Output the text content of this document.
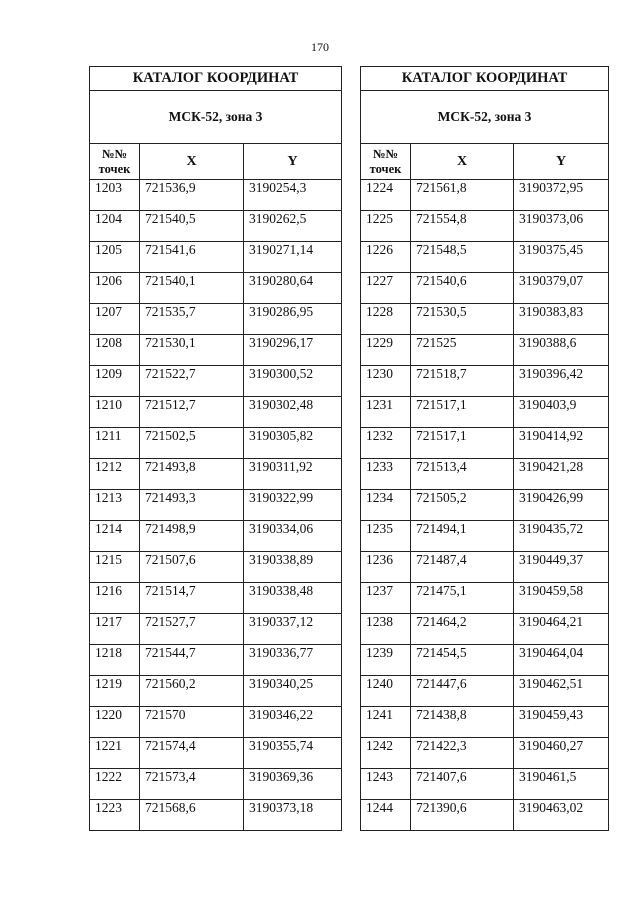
170
КАТАЛОГ КООРДИНАТ		
МСК-52, зона 3		
№№
точек	X	Y
1203	721536,9	3190254,3
1204	721540,5	3190262,5
1205	721541,6	3190271,14
1206	721540,1	3190280,64
1207	721535,7	3190286,95
1208	721530,1	3190296,17
1209	721522,7	3190300,52
1210	721512,7	3190302,48
1211	721502,5	3190305,82
1212	721493,8	3190311,92
1213	721493,3	3190322,99
1214	721498,9	3190334,06
1215	721507,6	3190338,89
1216	721514,7	3190338,48
1217	721527,7	3190337,12
1218	721544,7	3190336,77
1219	721560,2	3190340,25
1220	721570	3190346,22
1221	721574,4	3190355,74
1222	721573,4	3190369,36
1223	721568,6	3190373,18
КАТАЛОГ КООРДИНАТ		
МСК-52, зона 3		
№№
точек	X	Y
1224	721561,8	3190372,95
1225	721554,8	3190373,06
1226	721548,5	3190375,45
1227	721540,6	3190379,07
1228	721530,5	3190383,83
1229	721525	3190388,6
1230	721518,7	3190396,42
1231	721517,1	3190403,9
1232	721517,1	3190414,92
1233	721513,4	3190421,28
1234	721505,2	3190426,99
1235	721494,1	3190435,72
1236	721487,4	3190449,37
1237	721475,1	3190459,58
1238	721464,2	3190464,21
1239	721454,5	3190464,04
1240	721447,6	3190462,51
1241	721438,8	3190459,43
1242	721422,3	3190460,27
1243	721407,6	3190461,5
1244	721390,6	3190463,02
